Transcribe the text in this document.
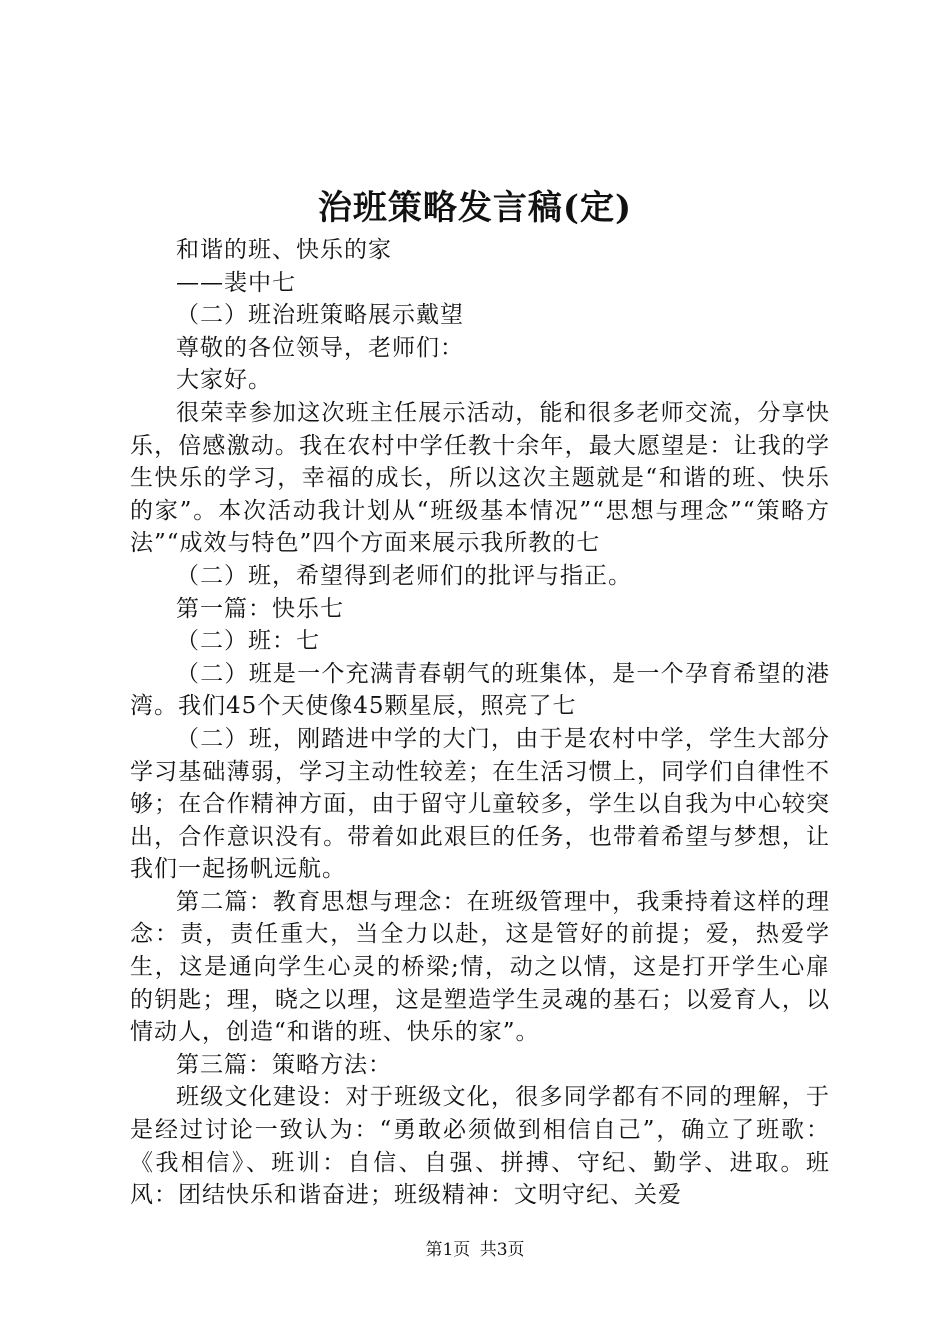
治班策略发言稿(定)

和谐的班、快乐的家

——裴中七

（二）班治班策略展示戴望

尊敬的各位领导，老师们：

大家好。

很荣幸参加这次班主任展示活动，能和很多老师交流，分享快乐，倍感激动。我在农村中学任教十余年，最大愿望是：让我的学生快乐的学习，幸福的成长，所以这次主题就是“和谐的班、快乐的家”。本次活动我计划从“班级基本情况”“思想与理念”“策略方法”“成效与特色”四个方面来展示我所教的七

（二）班，希望得到老师们的批评与指正。

第一篇：快乐七

（二）班：七

（二）班是一个充满青春朝气的班集体，是一个孕育希望的港湾。我们45个天使像45颗星辰，照亮了七

（二）班，刚踏进中学的大门，由于是农村中学，学生大部分学习基础薄弱，学习主动性较差；在生活习惯上，同学们自律性不够；在合作精神方面，由于留守儿童较多，学生以自我为中心较突出，合作意识没有。带着如此艰巨的任务，也带着希望与梦想，让我们一起扬帆远航。

第二篇：教育思想与理念：在班级管理中，我秉持着这样的理念：责，责任重大，当全力以赴，这是管好的前提；爱，热爱学生，这是通向学生心灵的桥梁;情，动之以情，这是打开学生心扉的钥匙；理，晓之以理，这是塑造学生灵魂的基石；以爱育人，以情动人，创造“和谐的班、快乐的家”。

第三篇：策略方法：

班级文化建设：对于班级文化，很多同学都有不同的理解，于是经过讨论一致认为：“勇敢必须做到相信自己”，确立了班歌：《我相信》、班训：自信、自强、拼搏、守纪、勤学、进取。班风：团结快乐和谐奋进；班级精神：文明守纪、关爱

第1页 共3页
